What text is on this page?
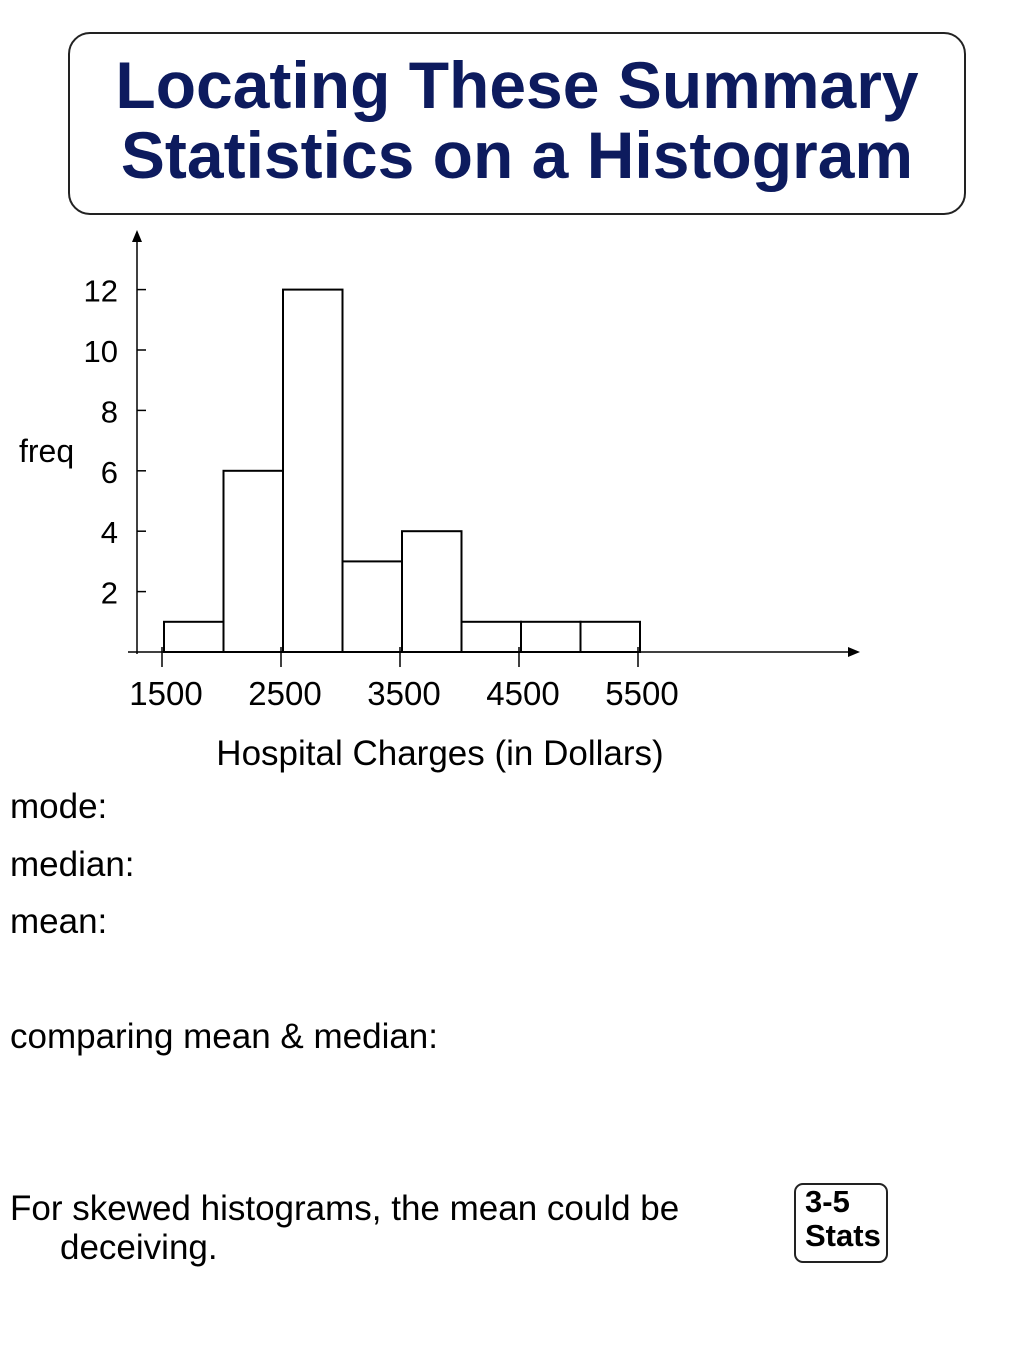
Locating These Summary
Statistics on a Histogram
2
4
6
8
10
12
1500 2500 3500 4500 5500
Hospital Charges (in Dollars)
freq
mode:
median:
mean:
comparing mean & median:
For skewed histograms, the mean could be
deceiving.
3-5
Stats
